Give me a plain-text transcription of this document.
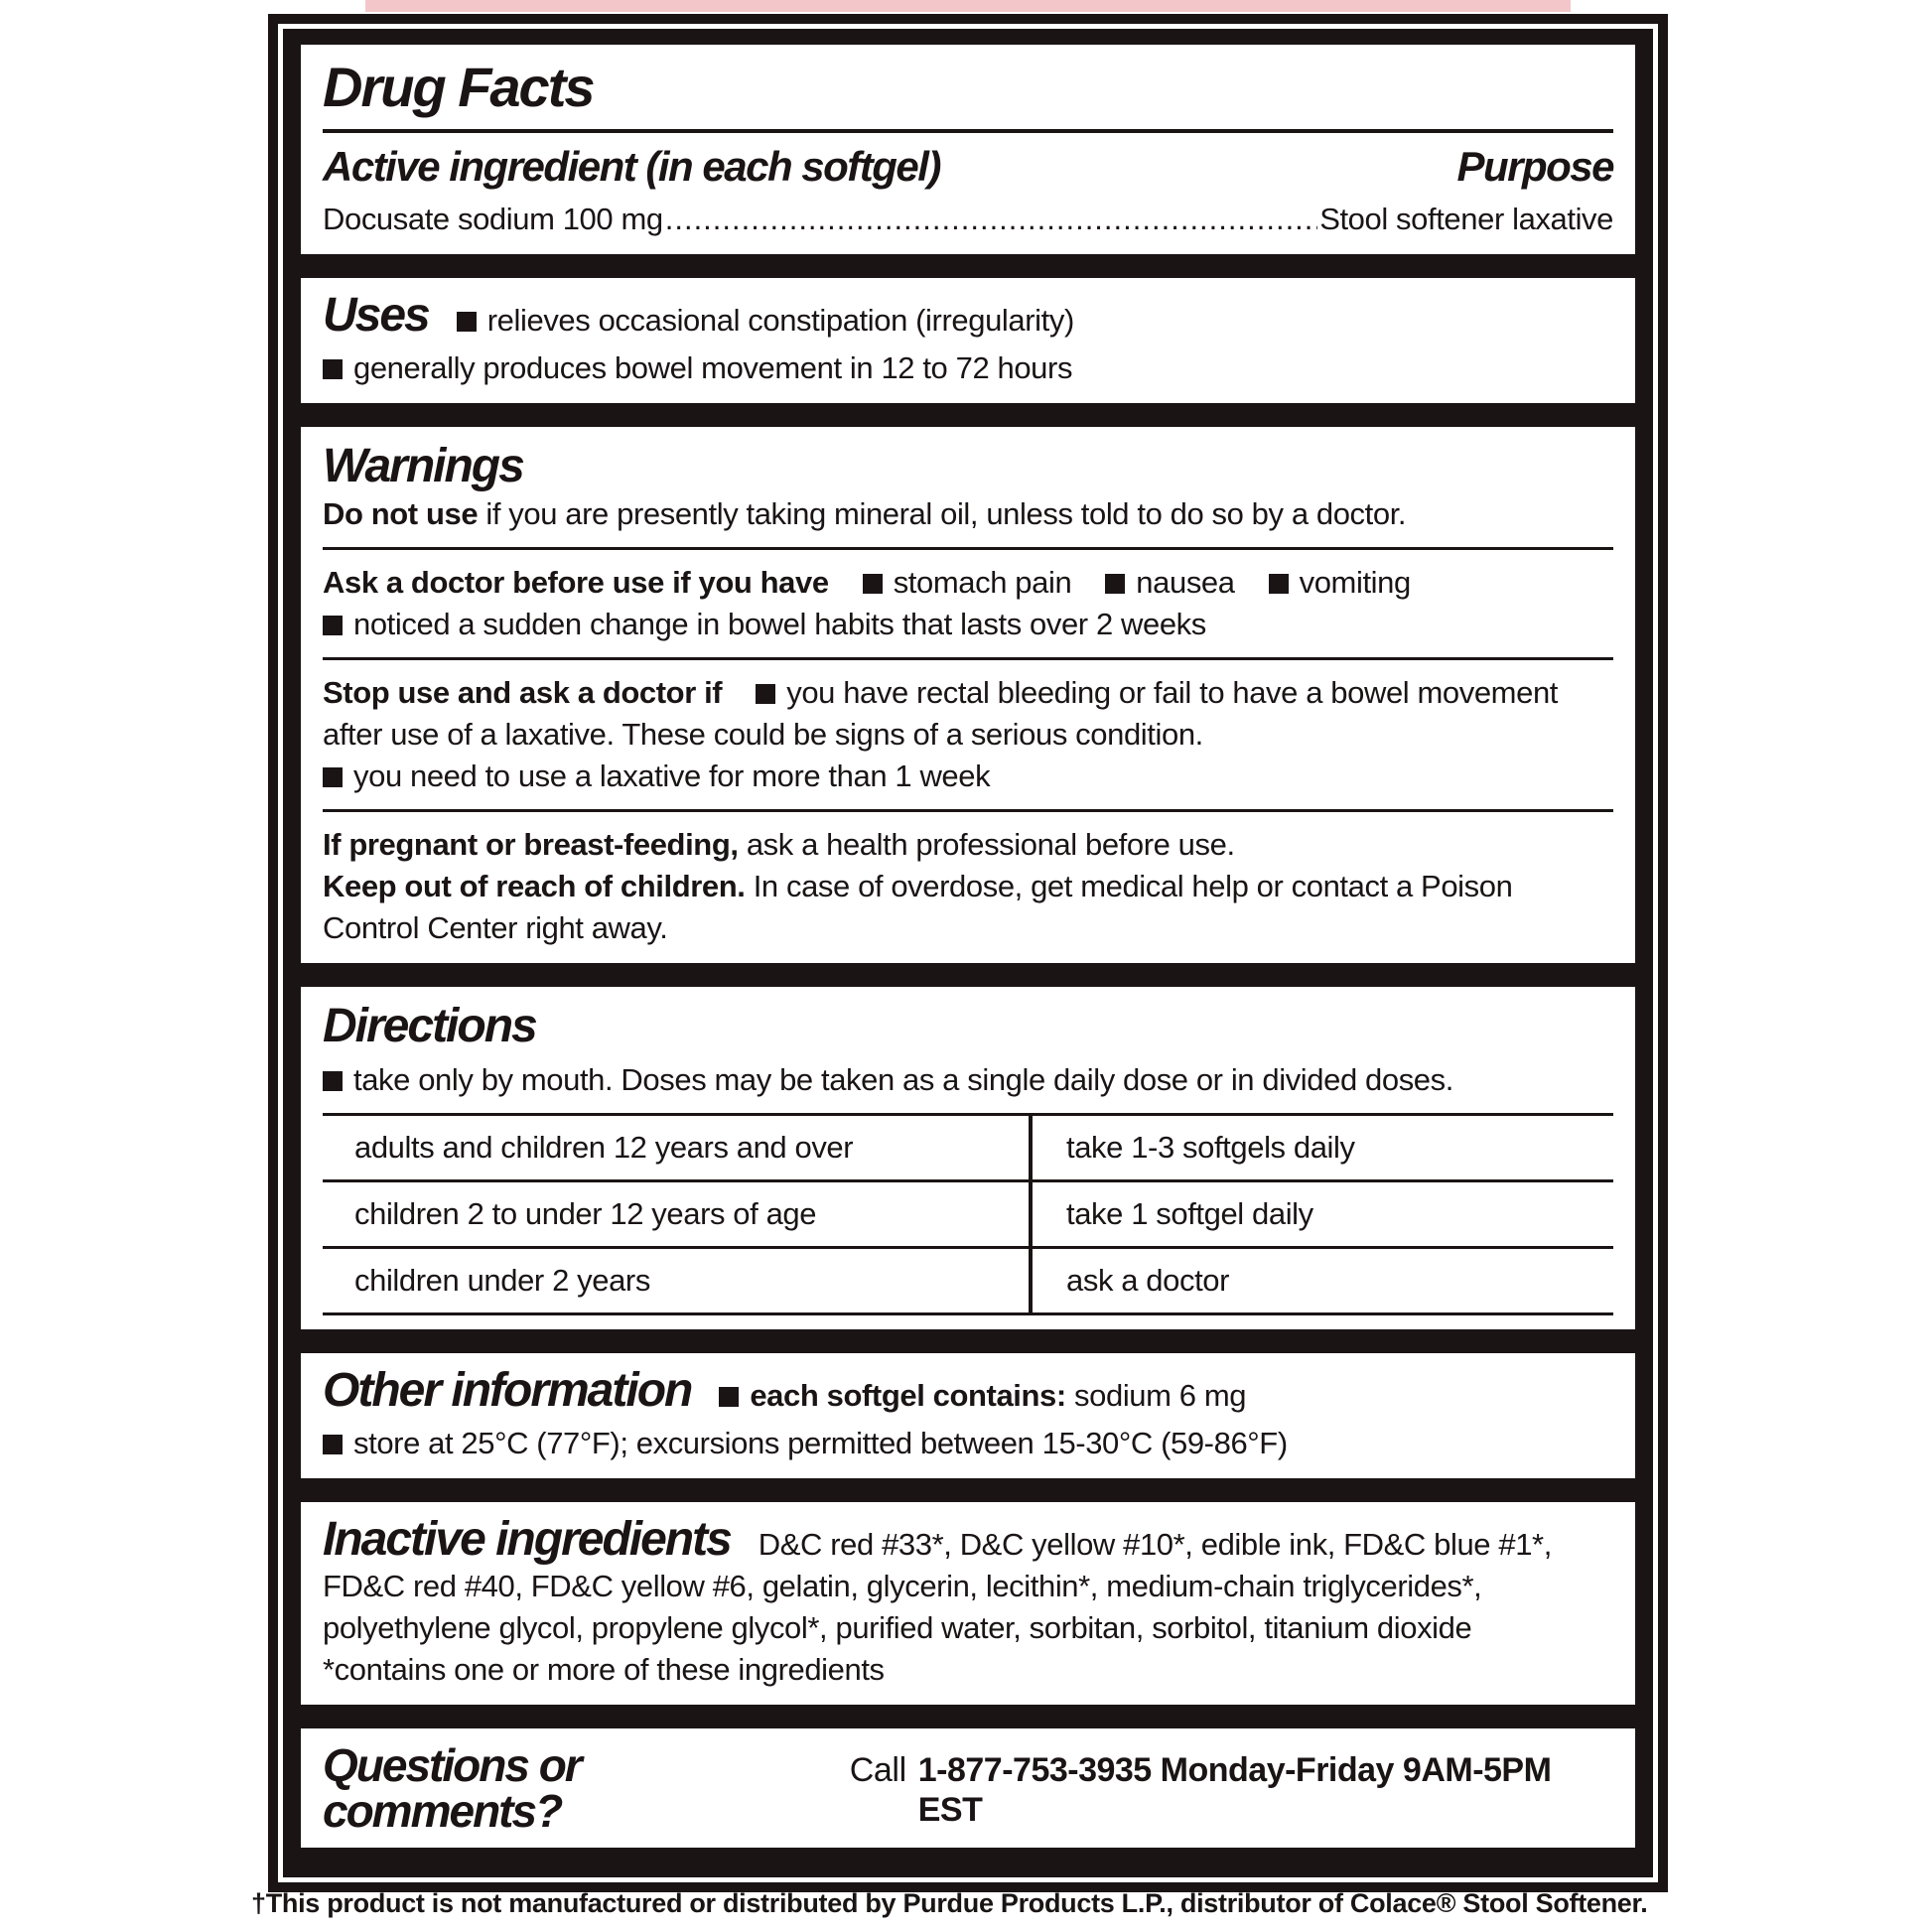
Drug Facts
Active ingredient (in each softgel)	Purpose
Docusate sodium 100 mg .....	Stool softener laxative
Uses	relieves occasional constipation (irregularity)
generally produces bowel movement in 12 to 72 hours
Warnings

Do not use if you are presently taking mineral oil, unless told to do so by a doctor.

Ask a doctor before use if you have stomach pain nausea vomiting

noticed a sudden change in bowel habits that lasts over 2 weeks

Stop use and ask a doctor if you have rectal bleeding or fail to have a bowel movement after use of a laxative. These could be signs of a serious condition.

you need to use a laxative for more than 1 week

If pregnant or breast-feeding, ask a health professional before use.

Keep out of reach of children. In case of overdose, get medical help or contact a Poison Control Center right away.

Directions

take only by mouth. Doses may be taken as a single daily dose or in divided doses.

adults and children 12 years and over	take 1-3 softgels daily
children 2 to under 12 years of age	take 1 softgel daily
children under 2 years	ask a doctor
Other information	each softgel contains: sodium 6 mg
store at 25°C (77°F); excursions permitted between 15-30°C (59-86°F)

Inactive ingredients D&C red #33*, D&C yellow #10*, edible ink, FD&C blue #1*, FD&C red #40, FD&C yellow #6, gelatin, glycerin, lecithin*, medium-chain triglycerides*, polyethylene glycol, propylene glycol*, purified water, sorbitan, sorbitol, titanium dioxide

*contains one or more of these ingredients

Questions or comments?
Call 1-877-753-3935 Monday-Friday 9AM-5PM EST
†This product is not manufactured or distributed by Purdue Products L.P., distributor of Colace® Stool Softener.
